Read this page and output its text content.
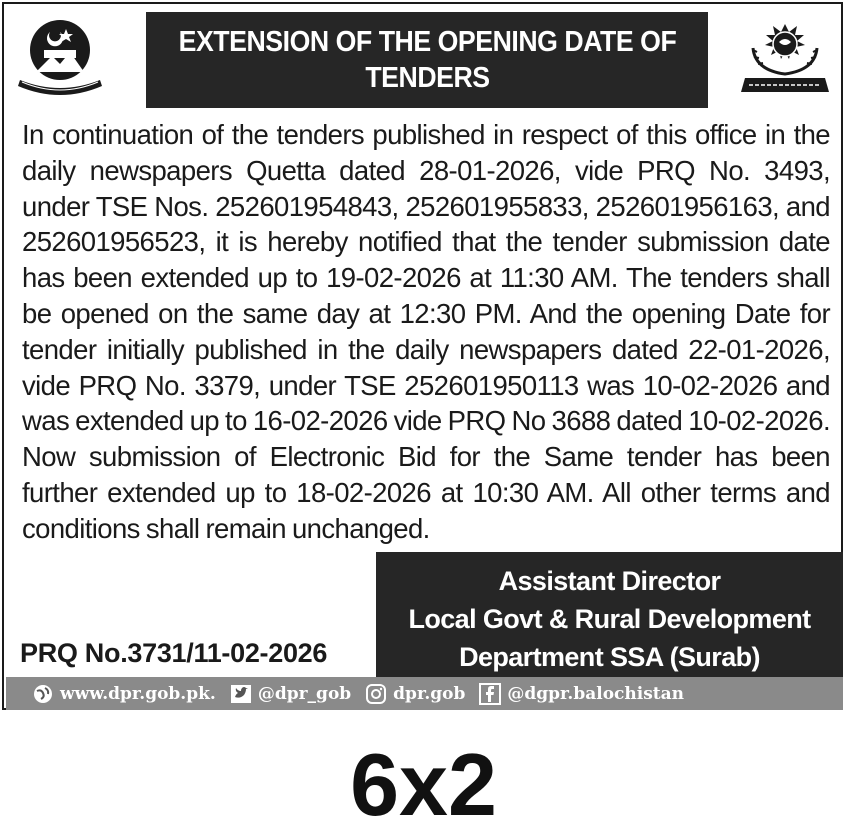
EXTENSION OF THE OPENING DATE OF
TENDERS
In continuation of the tenders published in respect of this office in the daily newspapers Quetta dated 28-01-2026, vide PRQ No. 3493, under TSE Nos. 252601954843, 252601955833, 252601956163, and 252601956523, it is hereby notified that the tender submission date has been extended up to 19-02-2026 at 11:30 AM. The tenders shall be opened on the same day at 12:30 PM. And the opening Date for tender initially published in the daily newspapers dated 22-01-2026, vide PRQ No. 3379, under TSE 252601950113 was 10-02-2026 and was extended up to 16-02-2026 vide PRQ No 3688 dated 10-02-2026. Now submission of Electronic Bid for the Same tender has been further extended up to 18-02-2026 at 10:30 AM. All other terms and conditions shall remain unchanged.
PRQ No.3731/11-02-2026
Assistant Director
Local Govt & Rural Development
Department SSA (Surab)
www.dpr.gob.pk. @dpr_gob dpr.gob @dgpr.balochistan
6x2
